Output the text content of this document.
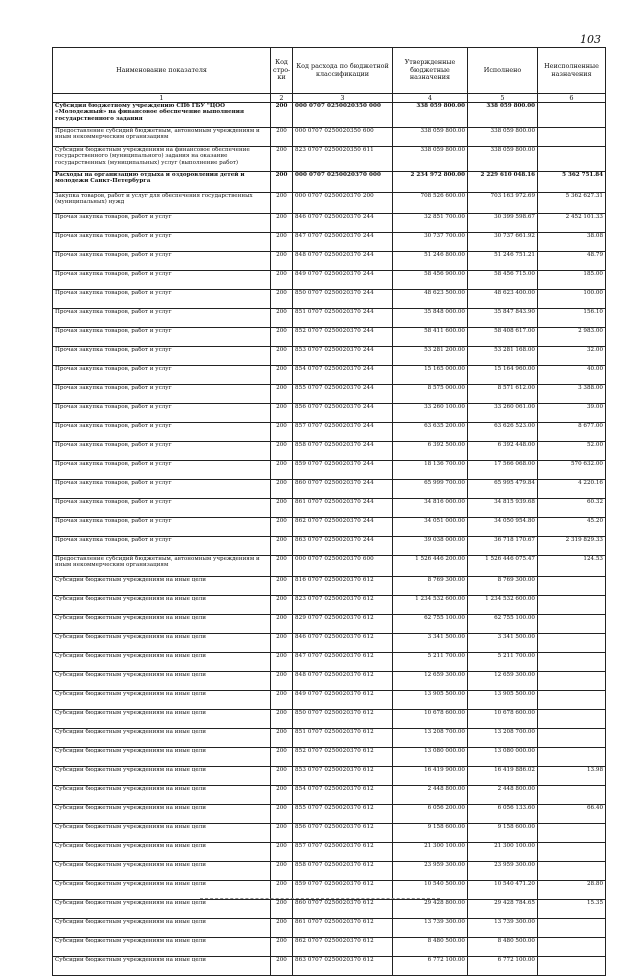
103
Наименование показателя	Код стро-ки	Код расхода по бюджетной классификации	Утвержденные бюджетные назначения	Исполнено	Неисполненные назначения
1	2	3	4	5	6
Субсидия бюджетному учреждению СПб ГБУ "ЦОО «Молодежный» на финансовое обеспечение выполнения государственного задания	200	000 0707 0250020350 000	338 059 800.00	338 059 800.00	
Предоставление субсидий бюджетным, автономным учреждениям и иным некоммерческим организациям	200	000 0707 0250020350 600	338 059 800.00	338 059 800.00	
Субсидии бюджетным учреждениям на финансовое обеспечение государственного (муниципального) задания на оказание государственных (муниципальных) услуг (выполнение работ)	200	823 0707 0250020350 611	338 059 800.00	338 059 800.00	
Расходы на организацию отдыха и оздоровления детей и молодежи Санкт-Петербурга	200	000 0707 0250020370 000	2 234 972 800.00	2 229 610 048.16	5 362 751.84
Закупка товаров, работ и услуг для обеспечения государственных (муниципальных) нужд	200	000 0707 0250020370 200	708 526 600.00	703 163 972.69	5 362 627.31
Прочая закупка товаров, работ и услуг	200	846 0707 0250020370 244	32 851 700.00	30 399 598.67	2 452 101.33
Прочая закупка товаров, работ и услуг	200	847 0707 0250020370 244	30 737 700.00	30 737 661.92	38.08
Прочая закупка товаров, работ и услуг	200	848 0707 0250020370 244	51 246 800.00	51 246 751.21	48.79
Прочая закупка товаров, работ и услуг	200	849 0707 0250020370 244	58 456 900.00	58 456 715.00	185.00
Прочая закупка товаров, работ и услуг	200	850 0707 0250020370 244	48 623 500.00	48 623 400.00	100.00
Прочая закупка товаров, работ и услуг	200	851 0707 0250020370 244	35 848 000.00	35 847 843.90	156.10
Прочая закупка товаров, работ и услуг	200	852 0707 0250020370 244	58 411 600.00	58 408 617.00	2 983.00
Прочая закупка товаров, работ и услуг	200	853 0707 0250020370 244	53 281 200.00	53 281 168.00	32.00
Прочая закупка товаров, работ и услуг	200	854 0707 0250020370 244	15 165 000.00	15 164 960.00	40.00
Прочая закупка товаров, работ и услуг	200	855 0707 0250020370 244	8 575 000.00	8 571 612.00	3 388.00
Прочая закупка товаров, работ и услуг	200	856 0707 0250020370 244	33 260 100.00	33 260 061.00	39.00
Прочая закупка товаров, работ и услуг	200	857 0707 0250020370 244	63 635 200.00	63 626 523.00	8 677.00
Прочая закупка товаров, работ и услуг	200	858 0707 0250020370 244	6 392 500.00	6 392 448.00	52.00
Прочая закупка товаров, работ и услуг	200	859 0707 0250020370 244	18 136 700.00	17 566 068.00	570 632.00
Прочая закупка товаров, работ и услуг	200	860 0707 0250020370 244	65 999 700.00	65 995 479.84	4 220.16
Прочая закупка товаров, работ и услуг	200	861 0707 0250020370 244	34 816 000.00	34 815 939.68	60.32
Прочая закупка товаров, работ и услуг	200	862 0707 0250020370 244	34 051 000.00	34 050 954.80	45.20
Прочая закупка товаров, работ и услуг	200	863 0707 0250020370 244	39 038 000.00	36 718 170.67	2 319 829.33
Предоставление субсидий бюджетным, автономным учреждениям и иным некоммерческим организациям	200	000 0707 0250020370 600	1 526 446 200.00	1 526 446 075.47	124.53
Субсидии бюджетным учреждениям на иные цели	200	816 0707 0250020370 612	8 769 300.00	8 769 300.00	
Субсидии бюджетным учреждениям на иные цели	200	823 0707 0250020370 612	1 234 532 600.00	1 234 532 600.00	
Субсидии бюджетным учреждениям на иные цели	200	829 0707 0250020370 612	62 755 100.00	62 755 100.00	
Субсидии бюджетным учреждениям на иные цели	200	846 0707 0250020370 612	3 341 500.00	3 341 500.00	
Субсидии бюджетным учреждениям на иные цели	200	847 0707 0250020370 612	5 211 700.00	5 211 700.00	
Субсидии бюджетным учреждениям на иные цели	200	848 0707 0250020370 612	12 659 300.00	12 659 300.00	
Субсидии бюджетным учреждениям на иные цели	200	849 0707 0250020370 612	13 905 500.00	13 905 500.00	
Субсидии бюджетным учреждениям на иные цели	200	850 0707 0250020370 612	10 678 600.00	10 678 600.00	
Субсидии бюджетным учреждениям на иные цели	200	851 0707 0250020370 612	13 208 700.00	13 208 700.00	
Субсидии бюджетным учреждениям на иные цели	200	852 0707 0250020370 612	13 080 000.00	13 080 000.00	
Субсидии бюджетным учреждениям на иные цели	200	853 0707 0250020370 612	16 419 900.00	16 419 886.02	13.98
Субсидии бюджетным учреждениям на иные цели	200	854 0707 0250020370 612	2 448 800.00	2 448 800.00	
Субсидии бюджетным учреждениям на иные цели	200	855 0707 0250020370 612	6 056 200.00	6 056 133.60	66.40
Субсидии бюджетным учреждениям на иные цели	200	856 0707 0250020370 612	9 158 600.00	9 158 600.00	
Субсидии бюджетным учреждениям на иные цели	200	857 0707 0250020370 612	21 300 100.00	21 300 100.00	
Субсидии бюджетным учреждениям на иные цели	200	858 0707 0250020370 612	23 959 300.00	23 959 300.00	
Субсидии бюджетным учреждениям на иные цели	200	859 0707 0250020370 612	10 540 500.00	10 540 471.20	28.80
Субсидии бюджетным учреждениям на иные цели	200	860 0707 0250020370 612	29 428 800.00	29 428 784.65	15.35
Субсидии бюджетным учреждениям на иные цели	200	861 0707 0250020370 612	13 739 300.00	13 739 300.00	
Субсидии бюджетным учреждениям на иные цели	200	862 0707 0250020370 612	8 480 500.00	8 480 500.00	
Субсидии бюджетным учреждениям на иные цели	200	863 0707 0250020370 612	6 772 100.00	6 772 100.00	
